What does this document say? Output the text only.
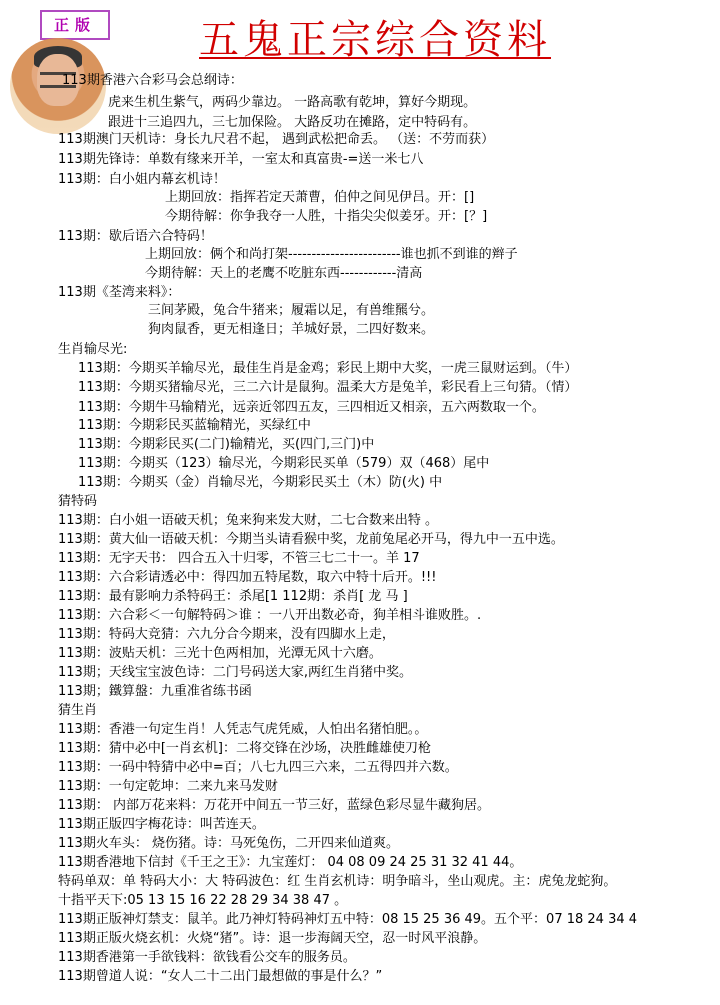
正版	五鬼正宗综合资料
113期香港六合彩马会总纲诗：
虎来生机生紫气，两码少靠边。 一路高歌有乾坤，算好今期现。
跟进十三追四九，三七加保险。 大路反功在摊路，定中特码有。
113期澳门天机诗：身长九尺君不起， 遇到武松把命丢。 （送：不劳而获）
113期先锋诗：单数有缘来开羊，一室太和真富贵-=送一米七八
113期：白小姐内幕玄机诗！
上期回放：指挥若定天萧曹，伯仲之间见伊吕。开：[]
今期待解：你争我夺一人胜，十指尖尖似姜牙。开：[？]
113期：歇后语六合特码！
上期回放：俩个和尚打架------------------------谁也抓不到谁的辫子
今期待解：天上的老鹰不吃脏东西------------清高
113期《荃湾来料》：
三间茅殿，兔合牛猪来；履霜以足，有兽维羆兮。
狗肉鼠香，更无相逢日；羊城好景，二四好数来。
生肖输尽光:
113期：今期买羊输尽光，最佳生肖是金鸡；彩民上期中大奖，一虎三鼠财运到。（牛）
113期：今期买猪输尽光，三二六计是鼠狗。温柔大方是兔羊，彩民看上三句猜。（情）
113期：今期牛马输精光，远亲近邻四五友，三四相近又相亲，五六两数取一个。
113期：今期彩民买蓝输精光，买绿红中
113期：今期彩民买(二门)输精光，买(四门,三门)中
113期：今期买（123）输尽光，今期彩民买单（579）双（468）尾中
113期：今期买（金）肖输尽光，今期彩民买土（木）防(火) 中
猜特码
113期：白小姐一语破天机；兔来狗来发大财，二七合数来出特 。
113期：黄大仙一语破天机：今期当头请看猴中奖，龙前兔尾必开马，得九中一五中选。
113期：无字天书： 四合五入十归零，不管三七二十一。羊 17
113期：六合彩请透必中：得四加五特尾数，取六中特十后开。!!!
113期：最有影响力杀特码王：杀尾[1 112期：杀肖[ 龙 马 ]
113期：六合彩＜一句解特码＞谁 ：一八开出数必奇，狗羊相斗谁败胜。.
113期：特码大竞猜：六九分合今期来，没有四脚水上走，
113期：波贴天机：三光十色两相加，光潭无风十六磨。
113期；天线宝宝波色诗：二门号码送大家,两红生肖猪中奖。
113期；鐵算盤：九重准省练书函
猜生肖
113期：香港一句定生肖！人凭志气虎凭威，人怕出名猪怕肥。。
113期：猜中必中[一肖玄机]：二将交锋在沙场，决胜雌雄使刀枪
113期：一码中特猜中必中=百；八七九四三六来，二五得四并六数。
113期：一句定乾坤：二来九来马发财
113期： 内部万花来料：万花开中间五一节三好，蓝绿色彩尽显牛藏狗居。
113期正版四字梅花诗：叫苦连天。
113期火车头： 烧伤猪。诗：马死兔伤，二开四来仙道爽。
113期香港地下信封《千王之王》：九宝莲灯： 04 08 09 24 25 31 32 41 44。
特码单双：单 特码大小：大 特码波色：红 生肖玄机诗：明争暗斗，坐山观虎。主：虎兔龙蛇狗。
十指平天下:05 13 15 16 22 28 29 34 38 47 。
113期正版神灯禁支：鼠羊。此乃神灯特码神灯五中特：08 15 25 36 49。五个平：07 18 24 34 4
113期正版火烧玄机：火烧“猪”。诗：退一步海阔天空，忍一时风平浪静。
113期香港第一手欲钱料：欲钱看公交车的服务员。
113期曾道人说：“女人二十二出门最想做的事是什么？”
